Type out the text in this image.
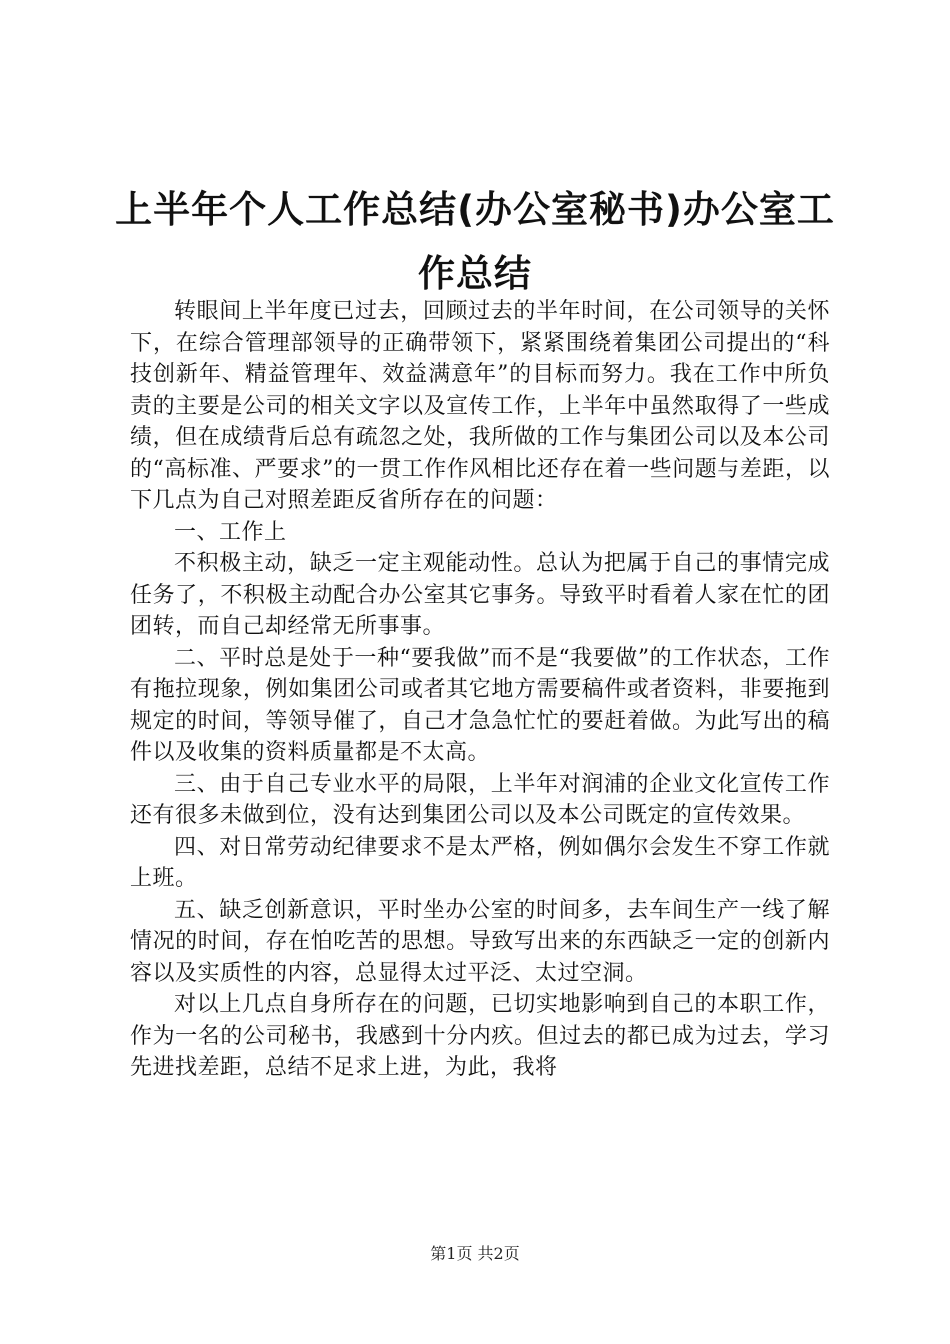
上半年个人工作总结(办公室秘书)办公室工作总结

转眼间上半年度已过去，回顾过去的半年时间，在公司领导的关怀下，在综合管理部领导的正确带领下，紧紧围绕着集团公司提出的“科技创新年、精益管理年、效益满意年”的目标而努力。我在工作中所负责的主要是公司的相关文字以及宣传工作，上半年中虽然取得了一些成绩，但在成绩背后总有疏忽之处，我所做的工作与集团公司以及本公司的“高标准、严要求”的一贯工作作风相比还存在着一些问题与差距，以下几点为自己对照差距反省所存在的问题：

一、工作上

不积极主动，缺乏一定主观能动性。总认为把属于自己的事情完成任务了，不积极主动配合办公室其它事务。导致平时看着人家在忙的团团转，而自己却经常无所事事。

二、平时总是处于一种“要我做”而不是“我要做”的工作状态，工作有拖拉现象，例如集团公司或者其它地方需要稿件或者资料，非要拖到规定的时间，等领导催了，自己才急急忙忙的要赶着做。为此写出的稿件以及收集的资料质量都是不太高。

三、由于自己专业水平的局限，上半年对润浦的企业文化宣传工作还有很多未做到位，没有达到集团公司以及本公司既定的宣传效果。

四、对日常劳动纪律要求不是太严格，例如偶尔会发生不穿工作就上班。

五、缺乏创新意识，平时坐办公室的时间多，去车间生产一线了解情况的时间，存在怕吃苦的思想。导致写出来的东西缺乏一定的创新内容以及实质性的内容，总显得太过平泛、太过空洞。

对以上几点自身所存在的问题，已切实地影响到自己的本职工作，作为一名的公司秘书，我感到十分内疚。但过去的都已成为过去，学习先进找差距，总结不足求上进，为此，我将

第1页 共2页
